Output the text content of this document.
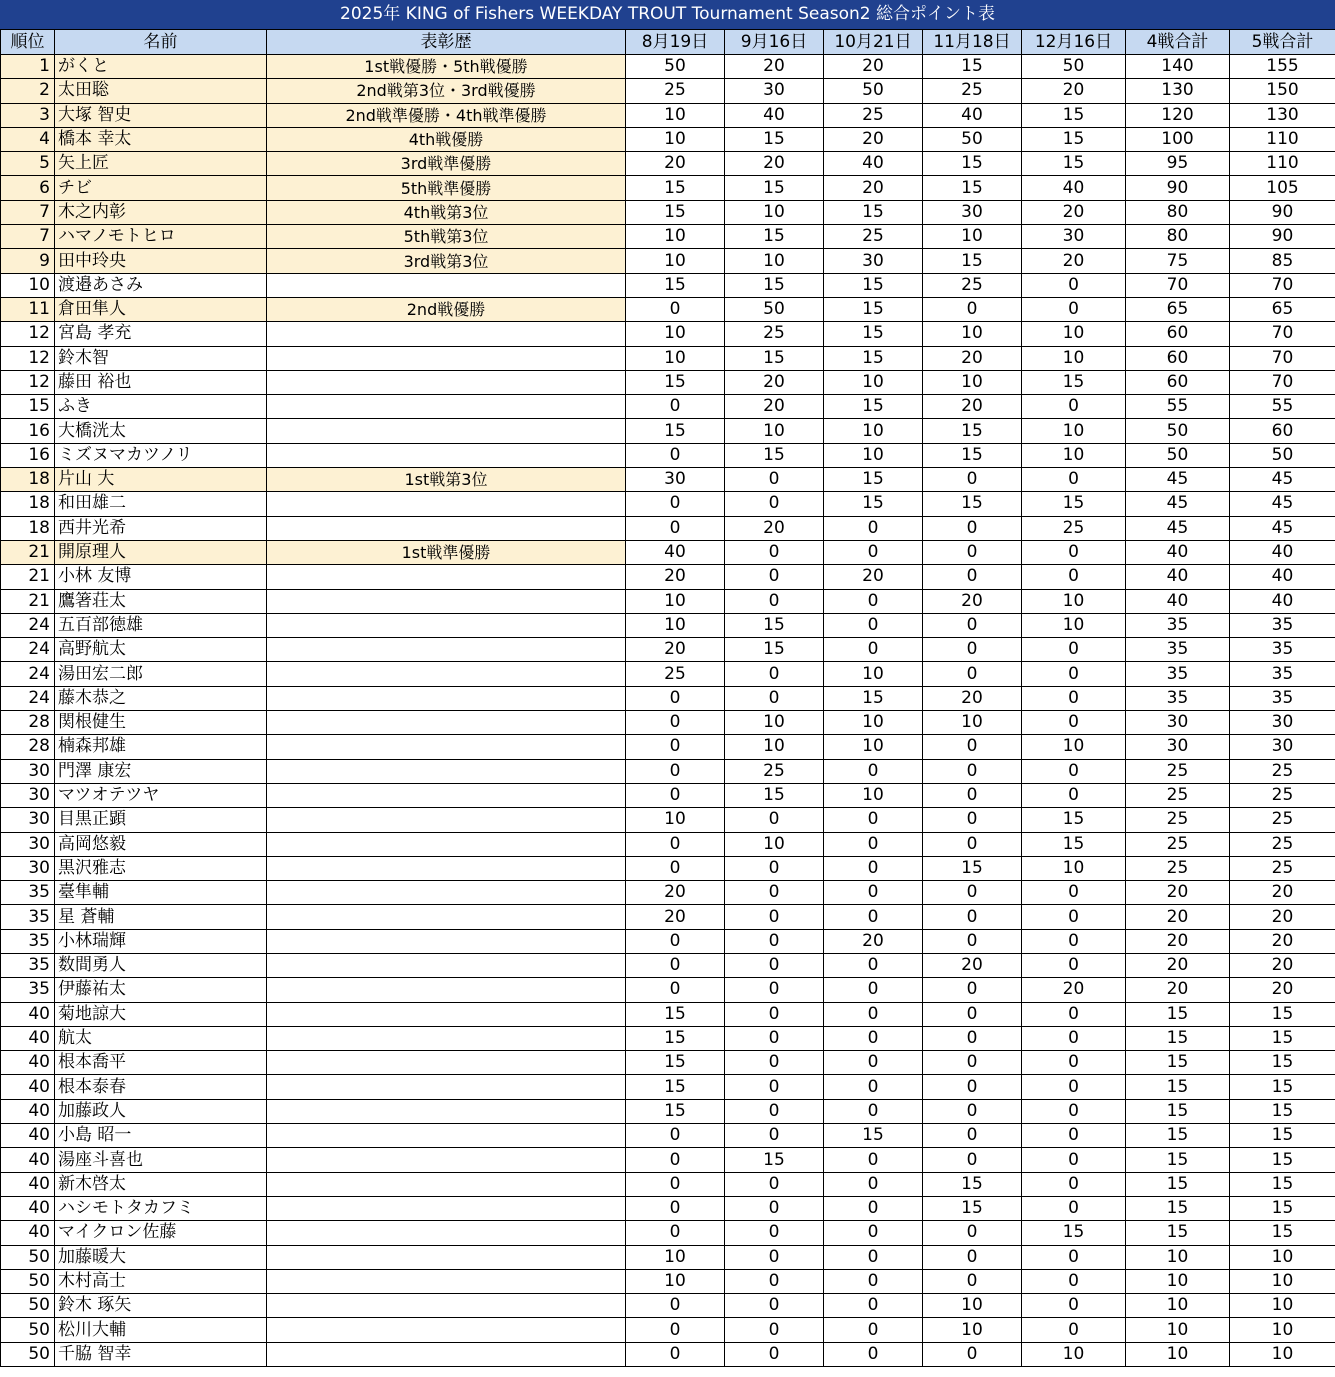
2025年 KING of Fishers WEEKDAY TROUT Tournament Season2 総合ポイント表
順位	名前	表彰歴	8月19日	9月16日	10月21日	11月18日	12月16日	4戦合計	5戦合計
1	がくと	1st戦優勝・5th戦優勝	50	20	20	15	50	140	155
2	太田聡	2nd戦第3位・3rd戦優勝	25	30	50	25	20	130	150
3	大塚 智史	2nd戦準優勝・4th戦準優勝	10	40	25	40	15	120	130
4	橋本 幸太	4th戦優勝	10	15	20	50	15	100	110
5	矢上匠	3rd戦準優勝	20	20	40	15	15	95	110
6	チビ	5th戦準優勝	15	15	20	15	40	90	105
7	木之内彰	4th戦第3位	15	10	15	30	20	80	90
7	ハマノモトヒロ	5th戦第3位	10	15	25	10	30	80	90
9	田中玲央	3rd戦第3位	10	10	30	15	20	75	85
10	渡邉あさみ		15	15	15	25	0	70	70
11	倉田隼人	2nd戦優勝	0	50	15	0	0	65	65
12	宮島 孝充		10	25	15	10	10	60	70
12	鈴木智		10	15	15	20	10	60	70
12	藤田 裕也		15	20	10	10	15	60	70
15	ふき		0	20	15	20	0	55	55
16	大橋洸太		15	10	10	15	10	50	60
16	ミズヌマカツノリ		0	15	10	15	10	50	50
18	片山 大	1st戦第3位	30	0	15	0	0	45	45
18	和田雄二		0	0	15	15	15	45	45
18	西井光希		0	20	0	0	25	45	45
21	開原理人	1st戦準優勝	40	0	0	0	0	40	40
21	小林 友博		20	0	20	0	0	40	40
21	鷹箸荘太		10	0	0	20	10	40	40
24	五百部徳雄		10	15	0	0	10	35	35
24	高野航太		20	15	0	0	0	35	35
24	湯田宏二郎		25	0	10	0	0	35	35
24	藤木恭之		0	0	15	20	0	35	35
28	関根健生		0	10	10	10	0	30	30
28	楠森邦雄		0	10	10	0	10	30	30
30	門澤 康宏		0	25	0	0	0	25	25
30	マツオテツヤ		0	15	10	0	0	25	25
30	目黒正顕		10	0	0	0	15	25	25
30	高岡悠毅		0	10	0	0	15	25	25
30	黒沢雅志		0	0	0	15	10	25	25
35	臺隼輔		20	0	0	0	0	20	20
35	星 蒼輔		20	0	0	0	0	20	20
35	小林瑞輝		0	0	20	0	0	20	20
35	数間勇人		0	0	0	20	0	20	20
35	伊藤祐太		0	0	0	0	20	20	20
40	菊地諒大		15	0	0	0	0	15	15
40	航太		15	0	0	0	0	15	15
40	根本喬平		15	0	0	0	0	15	15
40	根本泰春		15	0	0	0	0	15	15
40	加藤政人		15	0	0	0	0	15	15
40	小島 昭一		0	0	15	0	0	15	15
40	湯座斗喜也		0	15	0	0	0	15	15
40	新木啓太		0	0	0	15	0	15	15
40	ハシモトタカフミ		0	0	0	15	0	15	15
40	マイクロン佐藤		0	0	0	0	15	15	15
50	加藤暖大		10	0	0	0	0	10	10
50	木村高士		10	0	0	0	0	10	10
50	鈴木 琢矢		0	0	0	10	0	10	10
50	松川大輔		0	0	0	10	0	10	10
50	千脇 智幸		0	0	0	0	10	10	10
